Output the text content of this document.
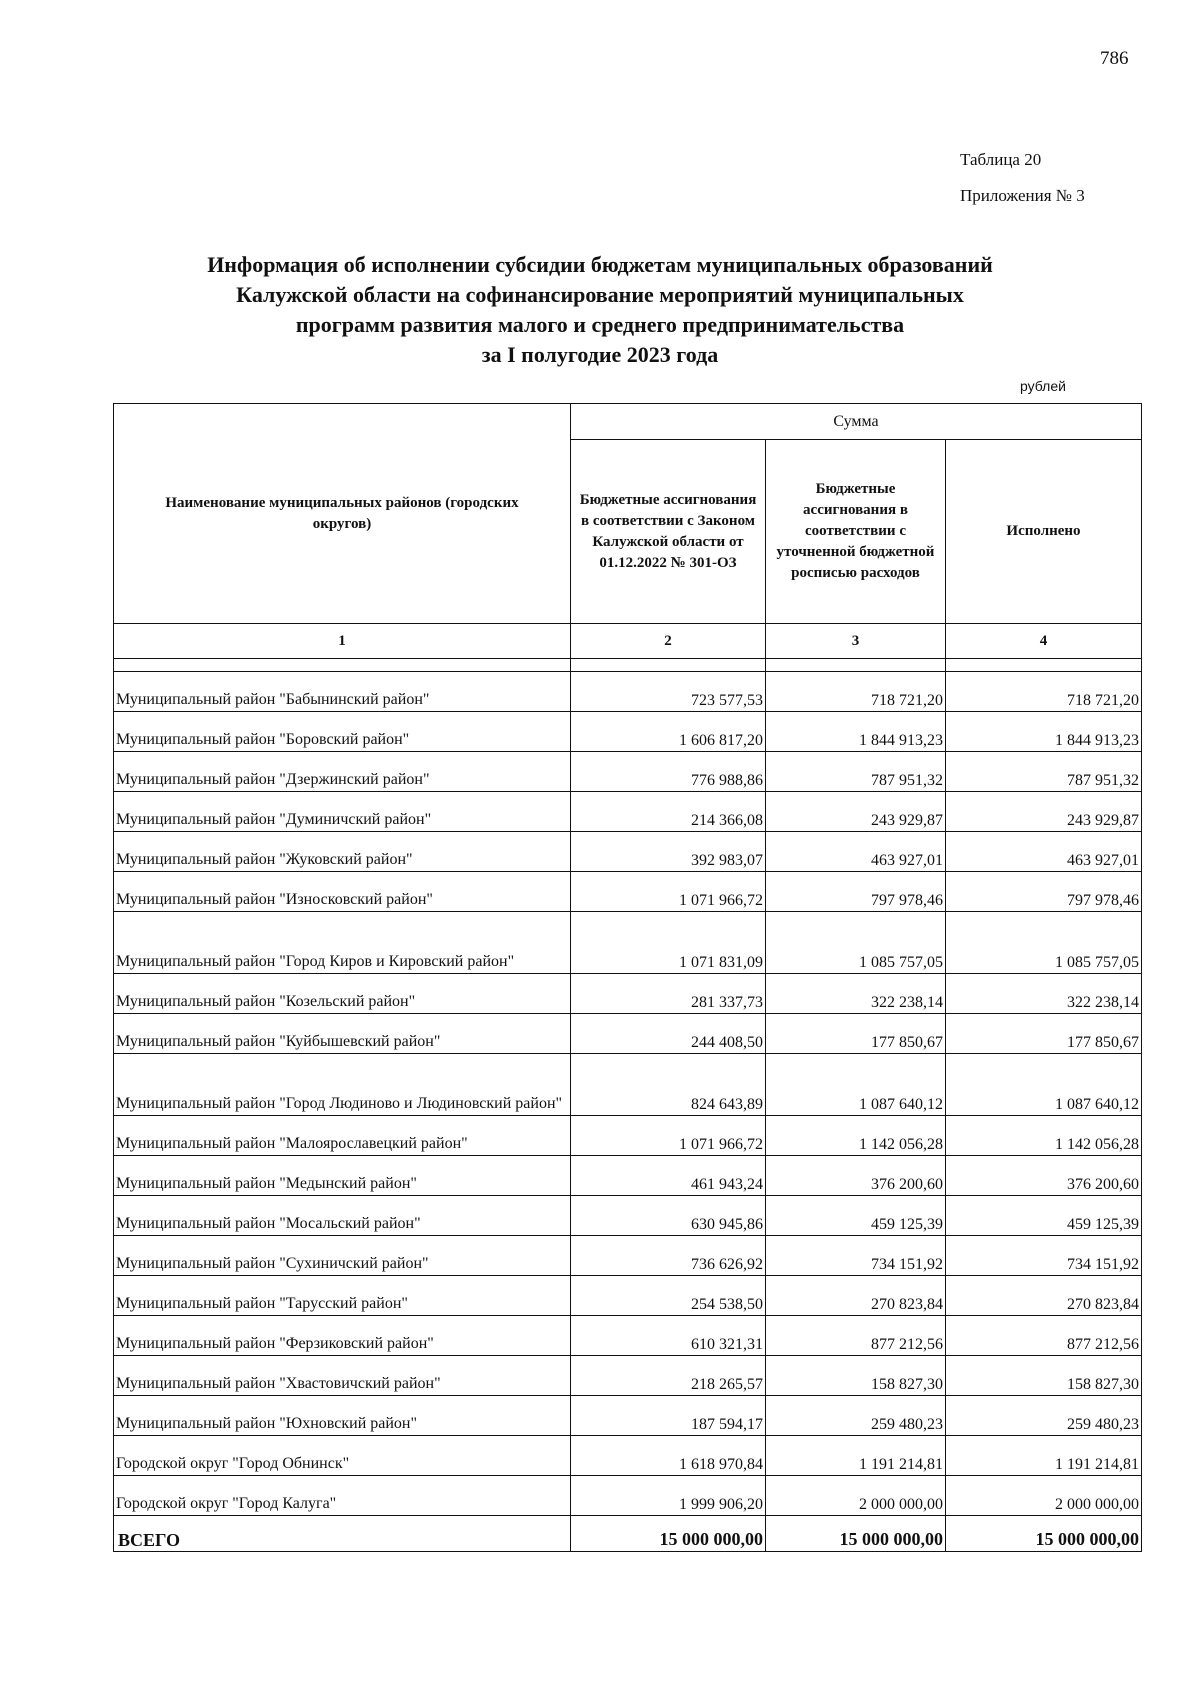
786
Таблица 20
Приложения № 3
Информация об исполнении субсидии бюджетам муниципальных образований
Калужской области на софинансирование мероприятий муниципальных
программ развития малого и среднего предпринимательства
за I полугодие 2023 года
рублей
Наименование муниципальных районов (городских округов)	Сумма		
	Бюджетные ассигнования в соответствии с Законом Калужской области от 01.12.2022 № 301-ОЗ	Бюджетные ассигнования в соответствии с уточненной бюджетной росписью расходов	Исполнено
1	2	3	4

Муниципальный район "Бабынинский район"	723 577,53	718 721,20	718 721,20
Муниципальный район "Боровский район"	1 606 817,20	1 844 913,23	1 844 913,23
Муниципальный район "Дзержинский район"	776 988,86	787 951,32	787 951,32
Муниципальный район "Думиничский район"	214 366,08	243 929,87	243 929,87
Муниципальный район "Жуковский район"	392 983,07	463 927,01	463 927,01
Муниципальный район "Износковский район"	1 071 966,72	797 978,46	797 978,46
Муниципальный район "Город Киров и Кировский район"	1 071 831,09	1 085 757,05	1 085 757,05
Муниципальный район "Козельский район"	281 337,73	322 238,14	322 238,14
Муниципальный район "Куйбышевский район"	244 408,50	177 850,67	177 850,67
Муниципальный район "Город Людиново и Людиновский район"	824 643,89	1 087 640,12	1 087 640,12
Муниципальный район "Малоярославецкий район"	1 071 966,72	1 142 056,28	1 142 056,28
Муниципальный район "Медынский район"	461 943,24	376 200,60	376 200,60
Муниципальный район "Мосальский район"	630 945,86	459 125,39	459 125,39
Муниципальный район "Сухиничский район"	736 626,92	734 151,92	734 151,92
Муниципальный район "Тарусский район"	254 538,50	270 823,84	270 823,84
Муниципальный район "Ферзиковский район"	610 321,31	877 212,56	877 212,56
Муниципальный район "Хвастовичский район"	218 265,57	158 827,30	158 827,30
Муниципальный район "Юхновский район"	187 594,17	259 480,23	259 480,23
Городской округ "Город Обнинск"	1 618 970,84	1 191 214,81	1 191 214,81
Городской округ "Город Калуга"	1 999 906,20	2 000 000,00	2 000 000,00
ВСЕГО	15 000 000,00	15 000 000,00	15 000 000,00
